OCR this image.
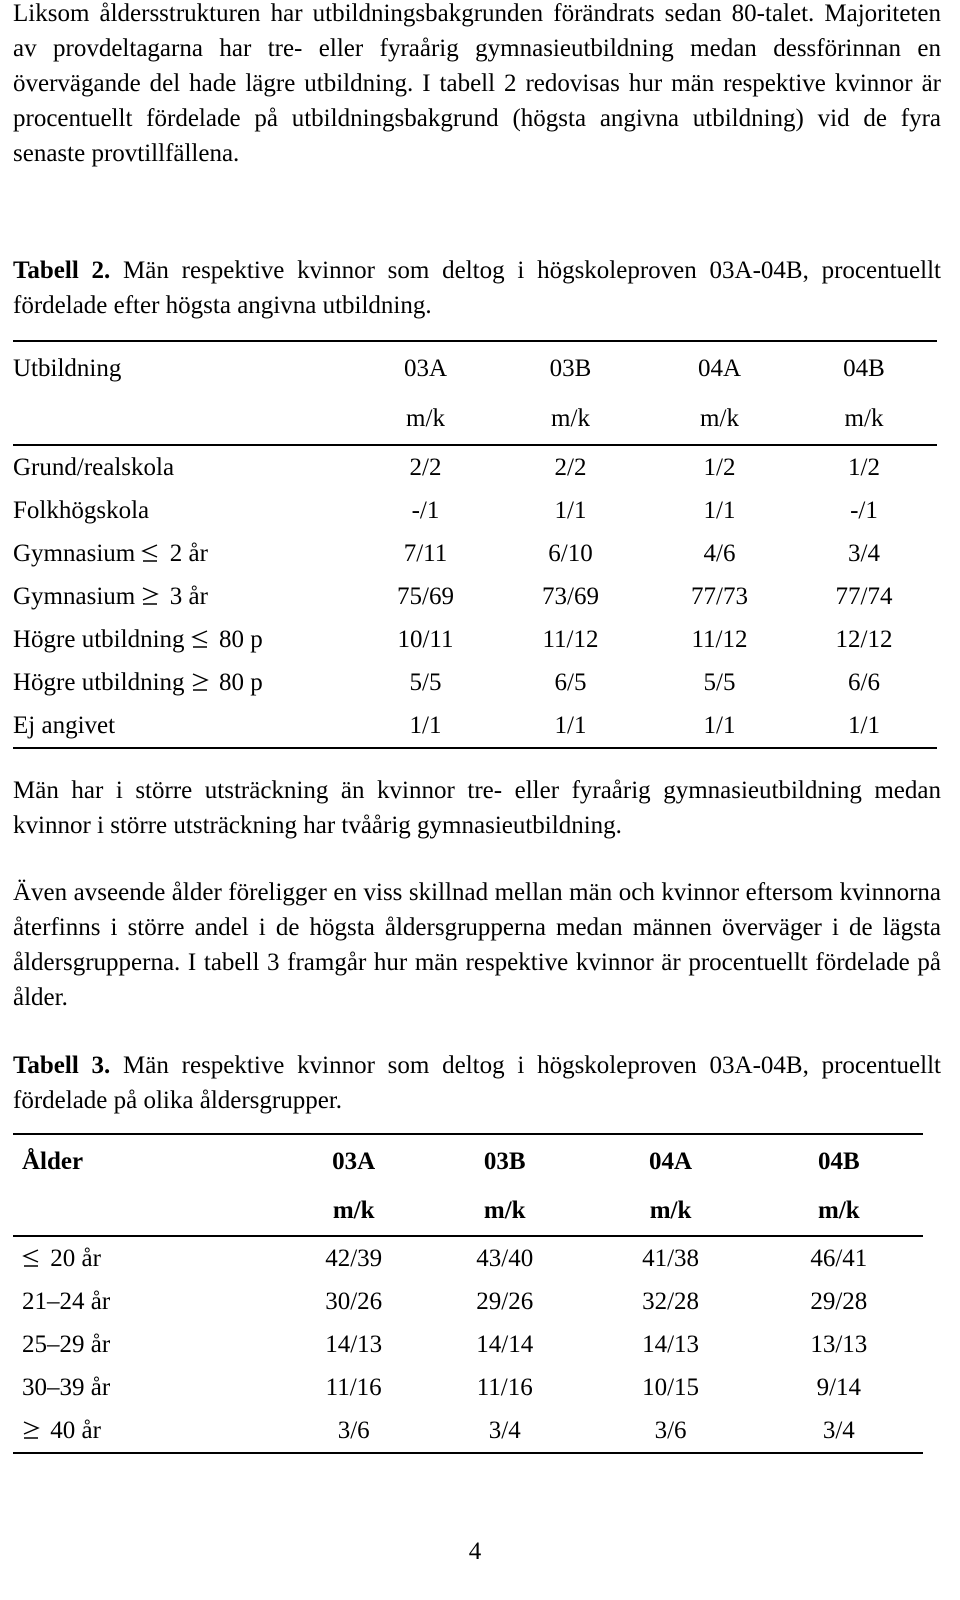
Liksom åldersstrukturen har utbildningsbakgrunden förändrats sedan 80-talet. Majoriteten av provdeltagarna har tre- eller fyraårig gymnasieutbildning medan dessförinnan en övervägande del hade lägre utbildning. I tabell 2 redovisas hur män respektive kvinnor är procentuellt fördelade på utbildningsbakgrund (högsta angivna utbildning) vid de fyra senaste provtillfällena.

Tabell 2. Män respektive kvinnor som deltog i högskoleproven 03A-04B, procentuellt fördelade efter högsta angivna utbildning.

Utbildning	03A	03B	04A	04B
	m/k	m/k	m/k	m/k
Grund/realskola	2/2	2/2	1/2	1/2
Folkhögskola	-/1	1/1	1/1	-/1
Gymnasium  2 år	7/11	6/10	4/6	3/4
Gymnasium  3 år	75/69	73/69	77/73	77/74
Högre utbildning  80 p	10/11	11/12	11/12	12/12
Högre utbildning  80 p	5/5	6/5	5/5	6/6
Ej angivet	1/1	1/1	1/1	1/1

Män har i större utsträckning än kvinnor tre- eller fyraårig gymnasieutbildning medan kvinnor i större utsträckning har tvåårig gymnasieutbildning.

Även avseende ålder föreligger en viss skillnad mellan män och kvinnor eftersom kvinnorna återfinns i större andel i de högsta åldersgrupperna medan männen överväger i de lägsta åldersgrupperna. I tabell 3 framgår hur män respektive kvinnor är procentuellt fördelade på ålder.

Tabell 3. Män respektive kvinnor som deltog i högskoleproven 03A-04B, procentuellt fördelade på olika åldersgrupper.

Ålder	03A	03B	04A	04B
	m/k	m/k	m/k	m/k
20 år	42/39	43/40	41/38	46/41
21–24 år	30/26	29/26	32/28	29/28
25–29 år	14/13	14/14	14/13	13/13
30–39 år	11/16	11/16	10/15	9/14
40 år	3/6	3/4	3/6	3/4
4
